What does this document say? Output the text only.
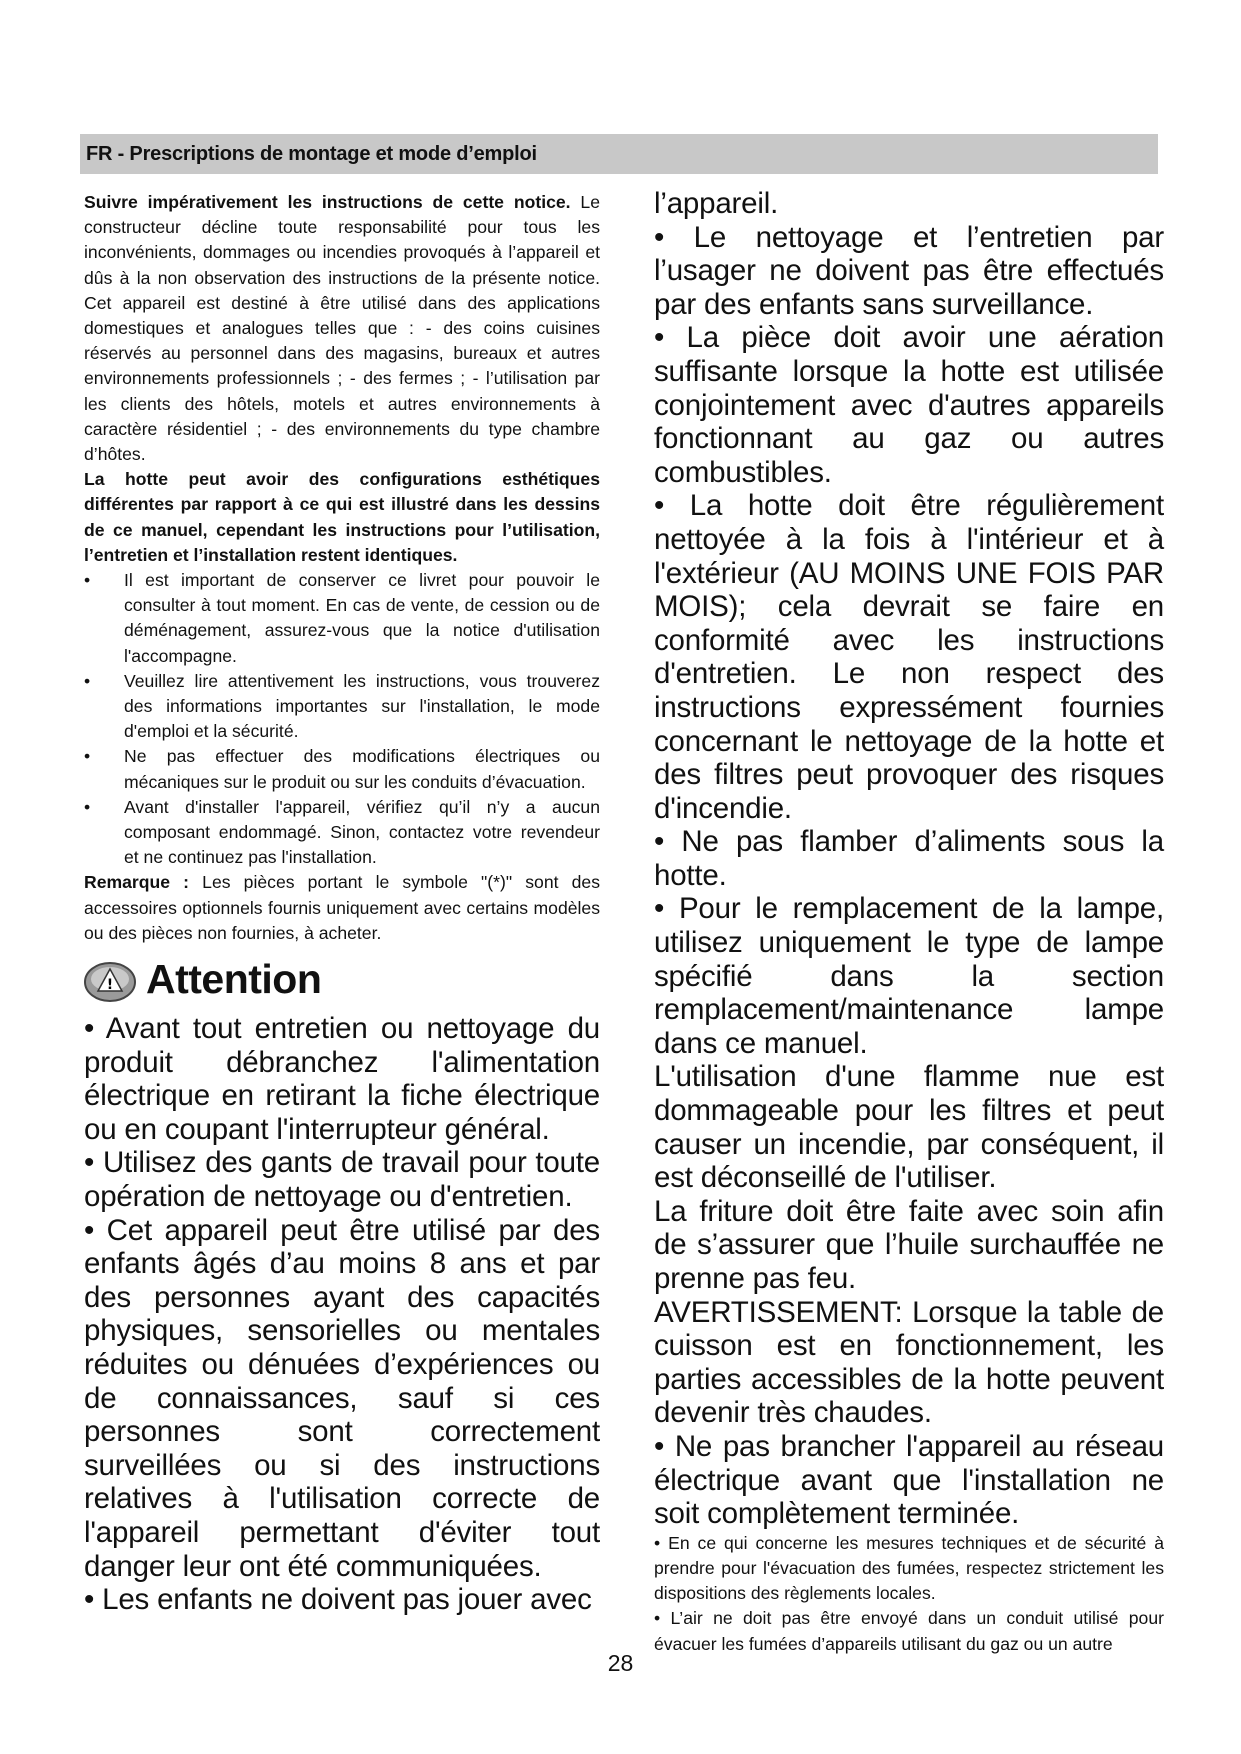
FR - Prescriptions de montage et mode d’emploi

Suivre impérativement les instructions de cette notice. Le constructeur décline toute responsabilité pour tous les inconvénients, dommages ou incendies provoqués à l’appareil et dûs à la non observation des instructions de la présente notice. Cet appareil est destiné à être utilisé dans des applications domestiques et analogues telles que : - des coins cuisines réservés au personnel dans des magasins, bureaux et autres environnements professionnels ; - des fermes ; - l’utilisation par les clients des hôtels, motels et autres environnements à caractère résidentiel ; - des environnements du type chambre d’hôtes.

La hotte peut avoir des configurations esthétiques différentes par rapport à ce qui est illustré dans les dessins de ce manuel, cependant les instructions pour l’utilisation, l’entretien et l’installation restent identiques.

• Il est important de conserver ce livret pour pouvoir le consulter à tout moment. En cas de vente, de cession ou de déménagement, assurez-vous que la notice d'utilisation l'accompagne.
• Veuillez lire attentivement les instructions, vous trouverez des informations importantes sur l'installation, le mode d'emploi et la sécurité.
• Ne pas effectuer des modifications électriques ou mécaniques sur le produit ou sur les conduits d’évacuation.
• Avant d'installer l'appareil, vérifiez qu’il n’y a aucun composant endommagé. Sinon, contactez votre revendeur et ne continuez pas l'installation.

Remarque : Les pièces portant le symbole "(*)" sont des accessoires optionnels fournis uniquement avec certains modèles ou des pièces non fournies, à acheter.

! Attention

• Avant tout entretien ou nettoyage du produit débranchez l'alimentation électrique en retirant la fiche électrique ou en coupant l'interrupteur général.

• Utilisez des gants de travail pour toute opération de nettoyage ou d'entretien.

• Cet appareil peut être utilisé par des enfants âgés d’au moins 8 ans et par des personnes ayant des capacités physiques, sensorielles ou mentales réduites ou dénuées d’expériences ou de connaissances, sauf si ces personnes sont correctement surveillées ou si des instructions relatives à l'utilisation correcte de l'appareil permettant d'éviter tout danger leur ont été communiquées.

• Les enfants ne doivent pas jouer avec

l’appareil.

• Le nettoyage et l’entretien par l’usager ne doivent pas être effectués par des enfants sans surveillance.

• La pièce doit avoir une aération suffisante lorsque la hotte est utilisée conjointement avec d'autres appareils fonctionnant au gaz ou autres combustibles.

• La hotte doit être régulièrement nettoyée à la fois à l'intérieur et à l'extérieur (AU MOINS UNE FOIS PAR MOIS); cela devrait se faire en conformité avec les instructions d'entretien. Le non respect des instructions expressément fournies concernant le nettoyage de la hotte et des filtres peut provoquer des risques d'incendie.

• Ne pas flamber d’aliments sous la hotte.

• Pour le remplacement de la lampe, utilisez uniquement le type de lampe spécifié dans la section remplacement/maintenance lampe dans ce manuel.

L'utilisation d'une flamme nue est dommageable pour les filtres et peut causer un incendie, par conséquent, il est déconseillé de l'utiliser.

La friture doit être faite avec soin afin de s’assurer que l’huile surchauffée ne prenne pas feu.

AVERTISSEMENT: Lorsque la table de cuisson est en fonctionnement, les parties accessibles de la hotte peuvent devenir très chaudes.

• Ne pas brancher l'appareil au réseau électrique avant que l'installation ne soit complètement terminée.

• En ce qui concerne les mesures techniques et de sécurité à prendre pour l'évacuation des fumées, respectez strictement les dispositions des règlements locales.

• L’air ne doit pas être envoyé dans un conduit utilisé pour évacuer les fumées d’appareils utilisant du gaz ou un autre

28
